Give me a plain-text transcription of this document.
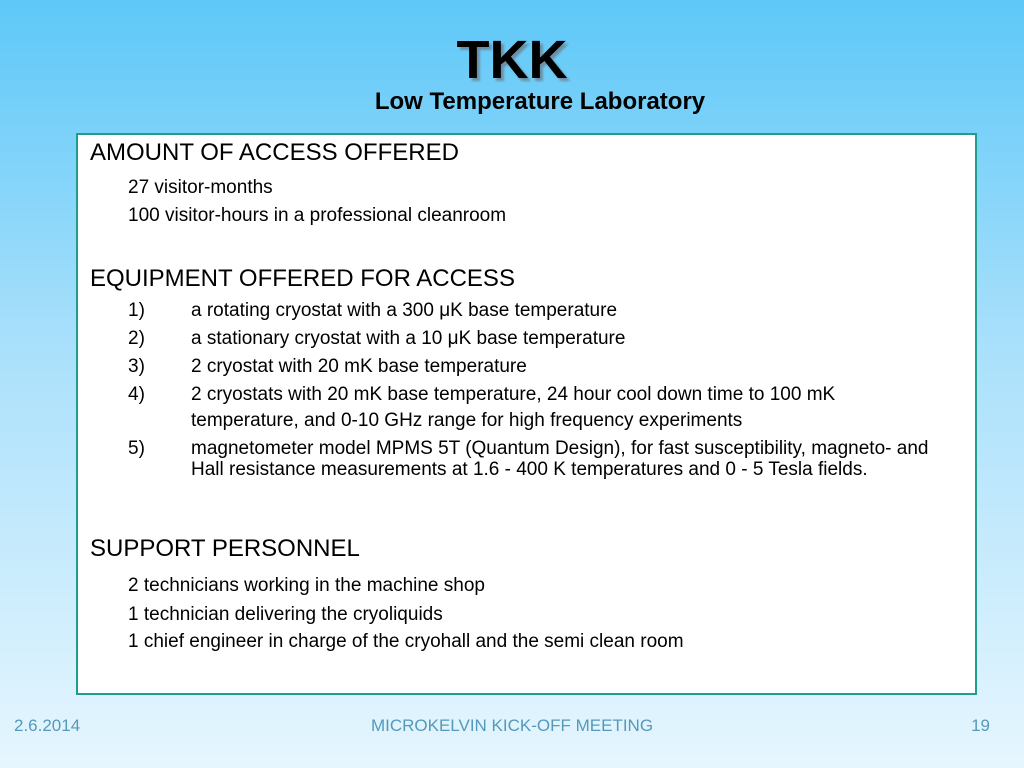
TKK
Low Temperature Laboratory
AMOUNT OF ACCESS OFFERED
27 visitor-months
100 visitor-hours in a professional cleanroom
EQUIPMENT OFFERED FOR ACCESS
1) a rotating cryostat with a 300 μK base temperature
2) a stationary cryostat with a 10 μK base temperature
3) 2 cryostat with 20 mK base temperature
4) 2 cryostats with 20 mK base temperature, 24 hour cool down time to 100 mK
temperature, and 0-10 GHz range for high frequency experiments
5) magnetometer model MPMS 5T (Quantum Design), for fast susceptibility, magneto- and Hall resistance measurements at 1.6 - 400 K temperatures and 0 - 5 Tesla fields.
SUPPORT PERSONNEL
2 technicians working in the machine shop
1 technician delivering the cryoliquids
1 chief engineer in charge of the cryohall and the semi clean room
2.6.2014	MICROKELVIN KICK-OFF MEETING	19
